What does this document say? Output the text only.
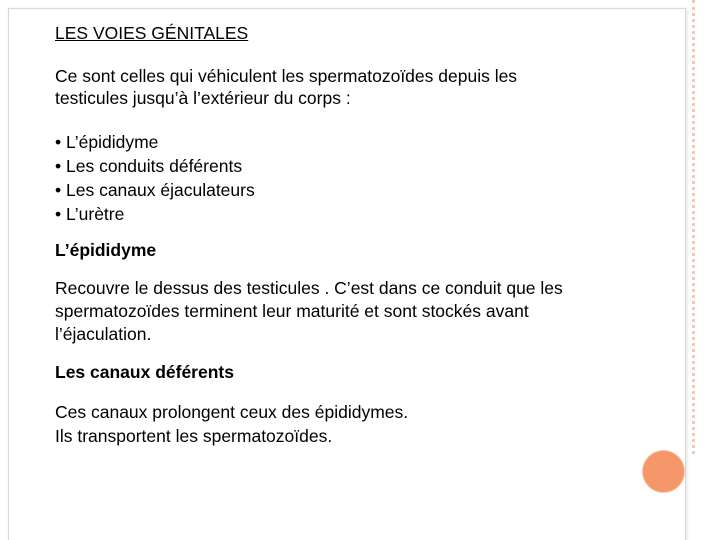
LES VOIES GÉNITALES
Ce sont celles qui véhiculent les spermatozoïdes depuis les
testicules jusqu’à l’extérieur du corps :
• L’épididyme
• Les conduits déférents
• Les canaux éjaculateurs
• L’urètre
L’épididyme
Recouvre le dessus des testicules . C’est dans ce conduit que les
spermatozoïdes terminent leur maturité et sont stockés avant
l’éjaculation.
Les canaux déférents
Ces canaux prolongent ceux des épididymes.
Ils transportent les spermatozoïdes.
